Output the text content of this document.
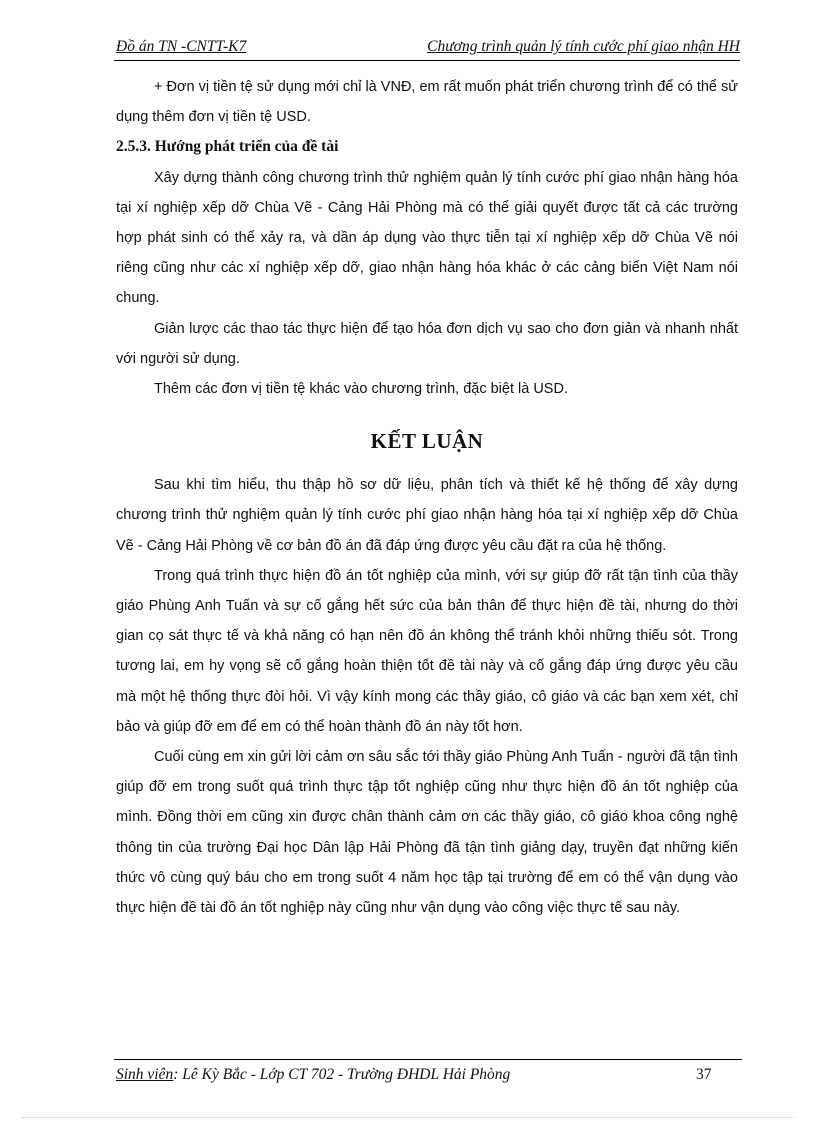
Đồ án TN -CNTT-K7	Chương trình quản lý tính cước phí giao nhận HH

+ Đơn vị tiền tệ sử dụng mới chỉ là VNĐ, em rất muốn phát triển chương trình để có thể sử dụng thêm đơn vị tiền tệ USD.

2.5.3. Hướng phát triển của đề tài

Xây dựng thành công chương trình thử nghiệm quản lý tính cước phí giao nhận hàng hóa tại xí nghiệp xếp dỡ Chùa Vẽ - Cảng Hải Phòng mà có thể giải quyết được tất cả các trường hợp phát sinh có thể xảy ra, và dần áp dụng vào thực tiễn tại xí nghiệp xếp dỡ Chùa Vẽ nói riêng cũng như các xí nghiệp xếp dỡ, giao nhận hàng hóa khác ở các cảng biển Việt Nam nói chung.

Giản lược các thao tác thực hiện để tạo hóa đơn dịch vụ sao cho đơn giản và nhanh nhất với người sử dụng.

Thêm các đơn vị tiền tệ khác vào chương trình, đặc biệt là USD.

KẾT LUẬN

Sau khi tìm hiểu, thu thập hồ sơ dữ liệu, phân tích và thiết kế hệ thống để xây dựng chương trình thử nghiệm quản lý tính cước phí giao nhận hàng hóa tại xí nghiệp xếp dỡ Chùa Vẽ - Cảng Hải Phòng về cơ bản đồ án đã đáp ứng được yêu cầu đặt ra của hệ thống.

Trong quá trình thực hiện đồ án tốt nghiệp của mình, với sự giúp đỡ rất tận tình của thầy giáo Phùng Anh Tuấn và sự cố gắng hết sức của bản thân để thực hiện đề tài, nhưng do thời gian cọ sát thực tế và khả năng có hạn nên đồ án không thể tránh khỏi những thiếu sót. Trong tương lai, em hy vọng sẽ cố gắng hoàn thiện tốt đề tài này và cố gắng đáp ứng được yêu cầu mà một hệ thống thực đòi hỏi. Vì vậy kính mong các thầy giáo, cô giáo và các bạn xem xét, chỉ bảo và giúp đỡ em để em có thể hoàn thành đồ án này tốt hơn.

Cuối cùng em xin gửi lời cảm ơn sâu sắc tới thầy giáo Phùng Anh Tuấn - người đã tận tình giúp đỡ em trong suốt quá trình thực tập tốt nghiệp cũng như thực hiện đồ án tốt nghiệp của mình. Đồng thời em cũng xin được chân thành cảm ơn các thầy giáo, cô giáo khoa công nghệ thông tin của trường Đại học Dân lập Hải Phòng đã tận tình giảng dạy, truyền đạt những kiến thức vô cùng quý báu cho em trong suốt 4 năm học tập tại trường để em có thể vận dụng vào thực hiện đề tài đồ án tốt nghiệp này cũng như vận dụng vào công việc thực tế sau này.

Sinh viên: Lê Kỳ Bắc - Lớp CT 702 - Trường ĐHDL Hải Phòng	37
